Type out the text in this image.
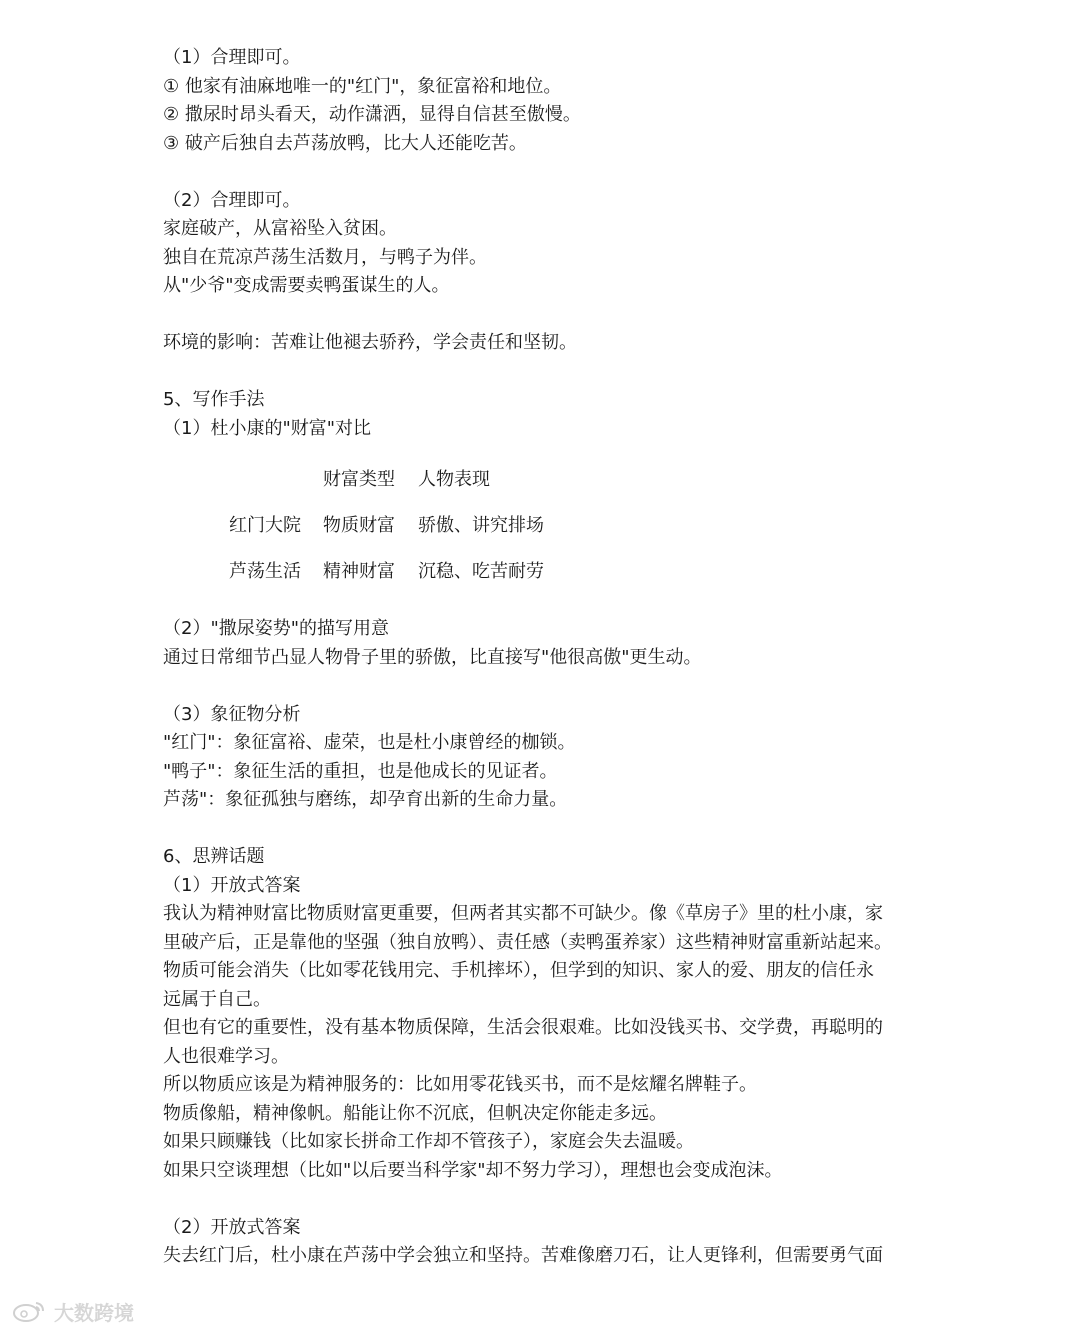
（1）合理即可。
① 他家有油麻地唯一的"红门"，象征富裕和地位。
② 撒尿时昂头看天，动作潇洒，显得自信甚至傲慢。
③ 破产后独自去芦荡放鸭，比大人还能吃苦。
（2）合理即可。
家庭破产，从富裕坠入贫困。
独自在荒凉芦荡生活数月，与鸭子为伴。
从"少爷"变成需要卖鸭蛋谋生的人。
环境的影响：苦难让他褪去骄矜，学会责任和坚韧。
5、写作手法
（1）杜小康的"财富"对比
财富类型 人物表现
红门大院 物质财富 骄傲、讲究排场
芦荡生活 精神财富 沉稳、吃苦耐劳
（2）"撒尿姿势"的描写用意
通过日常细节凸显人物骨子里的骄傲，比直接写"他很高傲"更生动。
（3）象征物分析
"红门"：象征富裕、虚荣，也是杜小康曾经的枷锁。
"鸭子"：象征生活的重担，也是他成长的见证者。
芦荡"：象征孤独与磨练，却孕育出新的生命力量。
6、思辨话题
（1）开放式答案
我认为精神财富比物质财富更重要，但两者其实都不可缺少。像《草房子》里的杜小康，家
里破产后，正是靠他的坚强（独自放鸭）、责任感（卖鸭蛋养家）这些精神财富重新站起来。
物质可能会消失（比如零花钱用完、手机摔坏），但学到的知识、家人的爱、朋友的信任永
远属于自己。
但也有它的重要性，没有基本物质保障，生活会很艰难。比如没钱买书、交学费，再聪明的
人也很难学习。
所以物质应该是为精神服务的：比如用零花钱买书，而不是炫耀名牌鞋子。
物质像船，精神像帆。船能让你不沉底，但帆决定你能走多远。
如果只顾赚钱（比如家长拼命工作却不管孩子），家庭会失去温暖。
如果只空谈理想（比如"以后要当科学家"却不努力学习），理想也会变成泡沫。
（2）开放式答案
失去红门后，杜小康在芦荡中学会独立和坚持。苦难像磨刀石，让人更锋利，但需要勇气面
大数跨境
